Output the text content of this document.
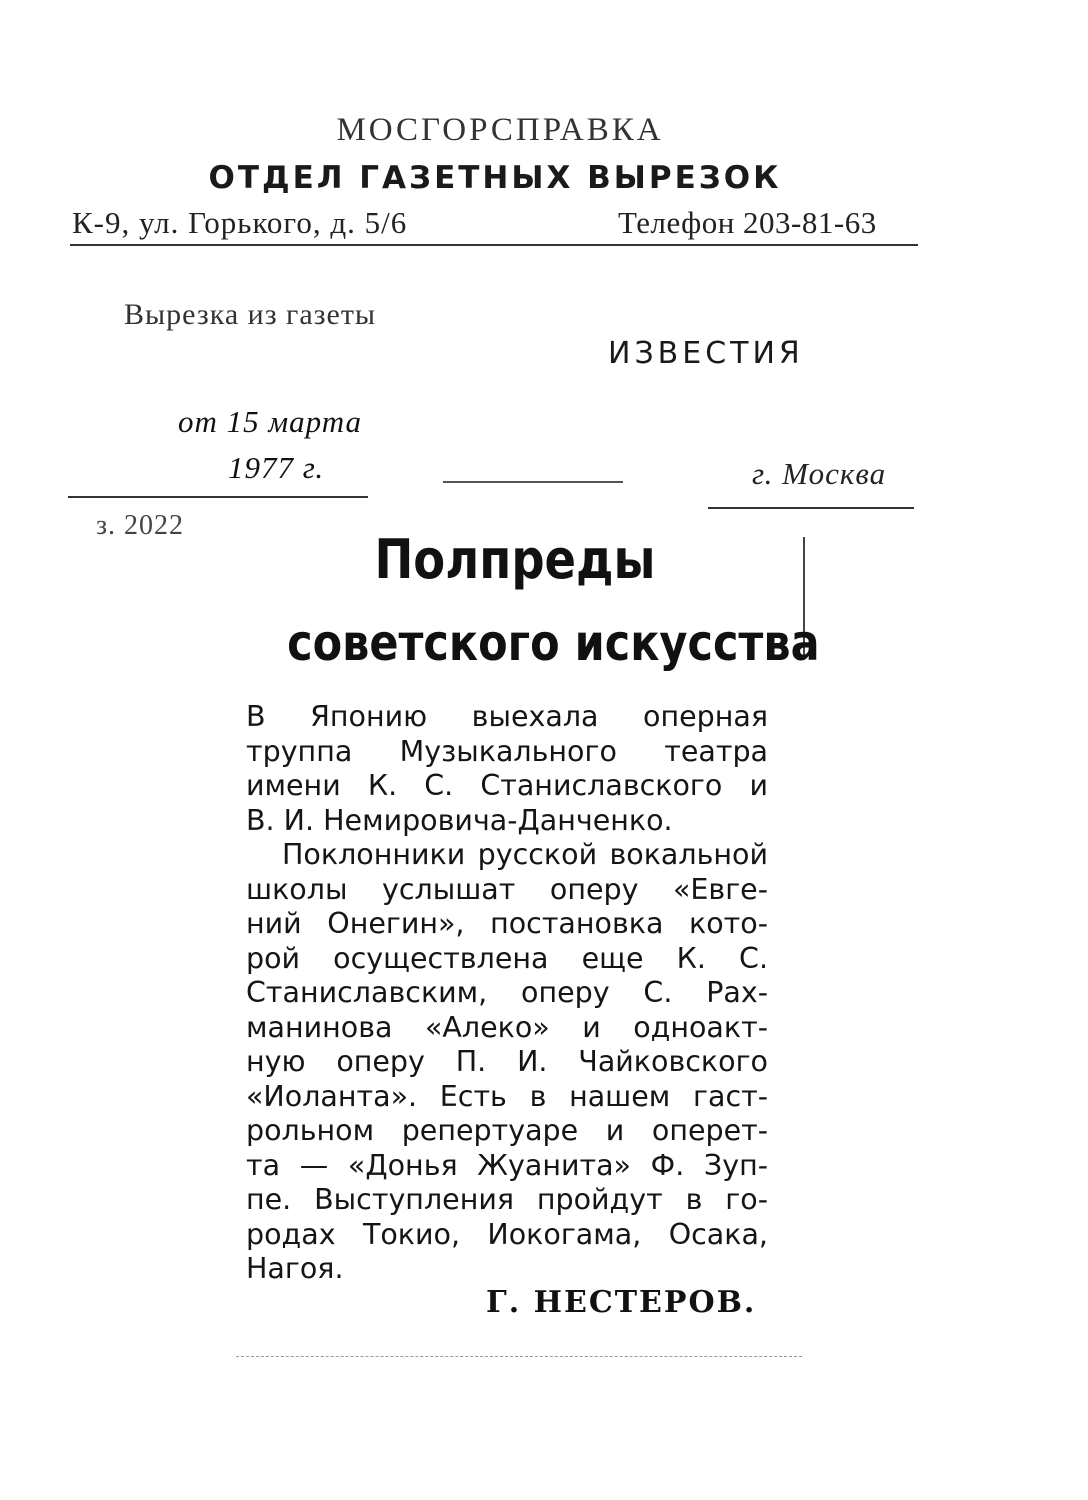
МОСГОРСПРАВКА
ОТДЕЛ ГАЗЕТНЫХ ВЫРЕЗОК
К-9, ул. Горького, д. 5/6	Телефон 203-81-63
Вырезка из газеты
ИЗВЕСТИЯ
от 15 марта
1977 г.	г. Москва
з. 2022
Полпреды
советского искусства

В Японию выехала оперная
труппа Музыкального театра
имени К. С. Станиславского и
В. И. Немировича-Данченко.

Поклонники русской вокальной
школы услышат оперу «Евге-
ний Онегин», постановка кото-
рой осуществлена еще К. С.
Станиславским, оперу С. Рах-
манинова «Алеко» и одноакт-
ную оперу П. И. Чайковского
«Иоланта». Есть в нашем гаст-
рольном репертуаре и оперет-
та — «Донья Жуанита» Ф. Зуп-
пе. Выступления пройдут в го-
родах Токио, Иокогама, Осака,
Нагоя.

Г. НЕСТЕРОВ.
